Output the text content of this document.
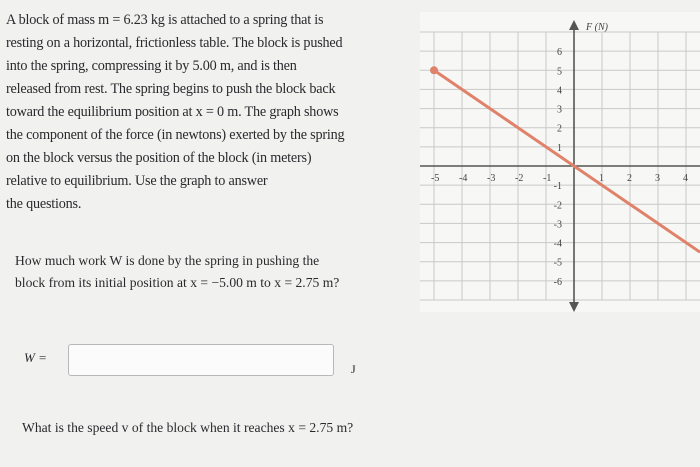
A block of mass m = 6.23 kg is attached to a spring that is
resting on a horizontal, frictionless table. The block is pushed
into the spring, compressing it by 5.00 m, and is then
released from rest. The spring begins to push the block back
toward the equilibrium position at x = 0 m. The graph shows
the component of the force (in newtons) exerted by the spring
on the block versus the position of the block (in meters)
relative to equilibrium. Use the graph to answer
the questions.
How much work W is done by the spring in pushing the
block from its initial position at x = −5.00 m to x = 2.75 m?
W =
J
What is the speed v of the block when it reaches x = 2.75 m?
-5 -4 -3 -2 -1	1 2 3 4
6
5
4
3
2
1
-1
-2
-3
-4
-5
-6
F (N)
